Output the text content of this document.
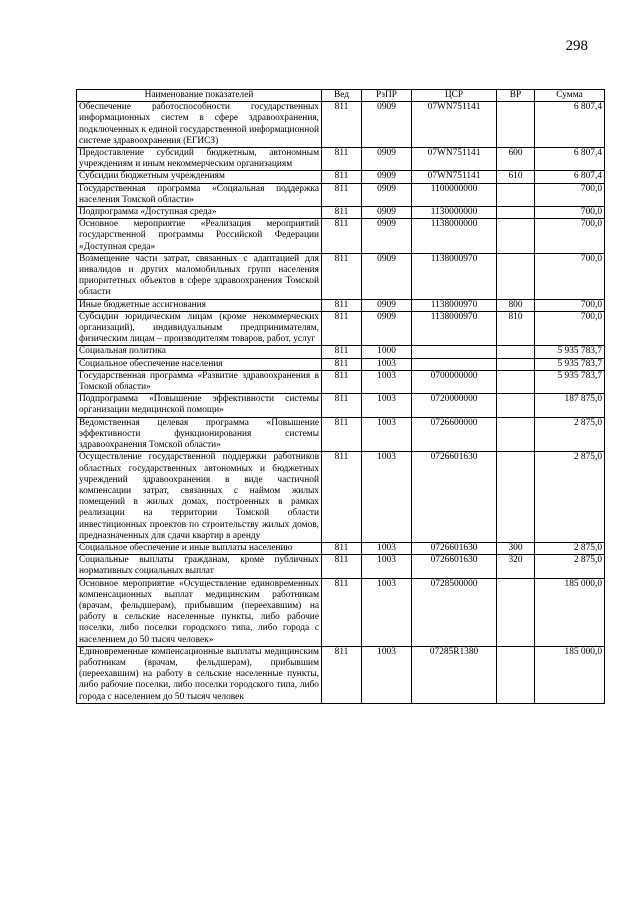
298
Наименование показателей	Вед	РзПР	ЦСР	ВР	Сумма
Обеспечение работоспособности государственных информационных систем в сфере здравоохранения, подключенных к единой государственной информационной системе здравоохранения (ЕГИСЗ)	811	0909	07WN751141		6 807,4
Предоставление субсидий бюджетным, автономным учреждениям и иным некоммерческим организациям	811	0909	07WN751141	600	6 807,4
Субсидии бюджетным учреждениям	811	0909	07WN751141	610	6 807,4
Государственная программа «Социальная поддержка населения Томской области»	811	0909	1100000000		700,0
Подпрограмма «Доступная среда»	811	0909	1130000000		700,0
Основное мероприятие «Реализация мероприятий государственной программы Российской Федерации «Доступная среда»	811	0909	1138000000		700,0
Возмещение части затрат, связанных с адаптацией для инвалидов и других маломобильных групп населения приоритетных объектов в сфере здравоохранения Томской области	811	0909	1138000970		700,0
Иные бюджетные ассигнования	811	0909	1138000970	800	700,0
Субсидии юридическим лицам (кроме некоммерческих организаций), индивидуальным предпринимателям, физическим лицам – производителям товаров, работ, услуг	811	0909	1138000970	810	700,0
Социальная политика	811	1000			5 935 783,7
Социальное обеспечение населения	811	1003			5 935 783,7
Государственная программа «Развитие здравоохранения в Томской области»	811	1003	0700000000		5 935 783,7
Подпрограмма «Повышение эффективности системы организации медицинской помощи»	811	1003	0720000000		187 875,0
Ведомственная целевая программа «Повышение эффективности функционирования системы здравоохранения Томской области»	811	1003	0726600000		2 875,0
Осуществление государственной поддержки работников областных государственных автономных и бюджетных учреждений здравоохранения в виде частичной компенсации затрат, связанных с наймом жилых помещений в жилых домах, построенных в рамках реализации на территории Томской области инвестиционных проектов по строительству жилых домов, предназначенных для сдачи квартир в аренду	811	1003	0726601630		2 875,0
Социальное обеспечение и иные выплаты населению	811	1003	0726601630	300	2 875,0
Социальные выплаты гражданам, кроме публичных нормативных социальных выплат	811	1003	0726601630	320	2 875,0
Основное мероприятие «Осуществление единовременных компенсационных выплат медицинским работникам (врачам, фельдшерам), прибывшим (переехавшим) на работу в сельские населенные пункты, либо рабочие поселки, либо поселки городского типа, либо города с населением до 50 тысяч человек»	811	1003	0728500000		185 000,0
Единовременные компенсационные выплаты медицинским работникам (врачам, фельдшерам), прибывшим (переехавшим) на работу в сельские населенные пункты, либо рабочие поселки, либо поселки городского типа, либо города с населением до 50 тысяч человек	811	1003	07285R1380		185 000,0
